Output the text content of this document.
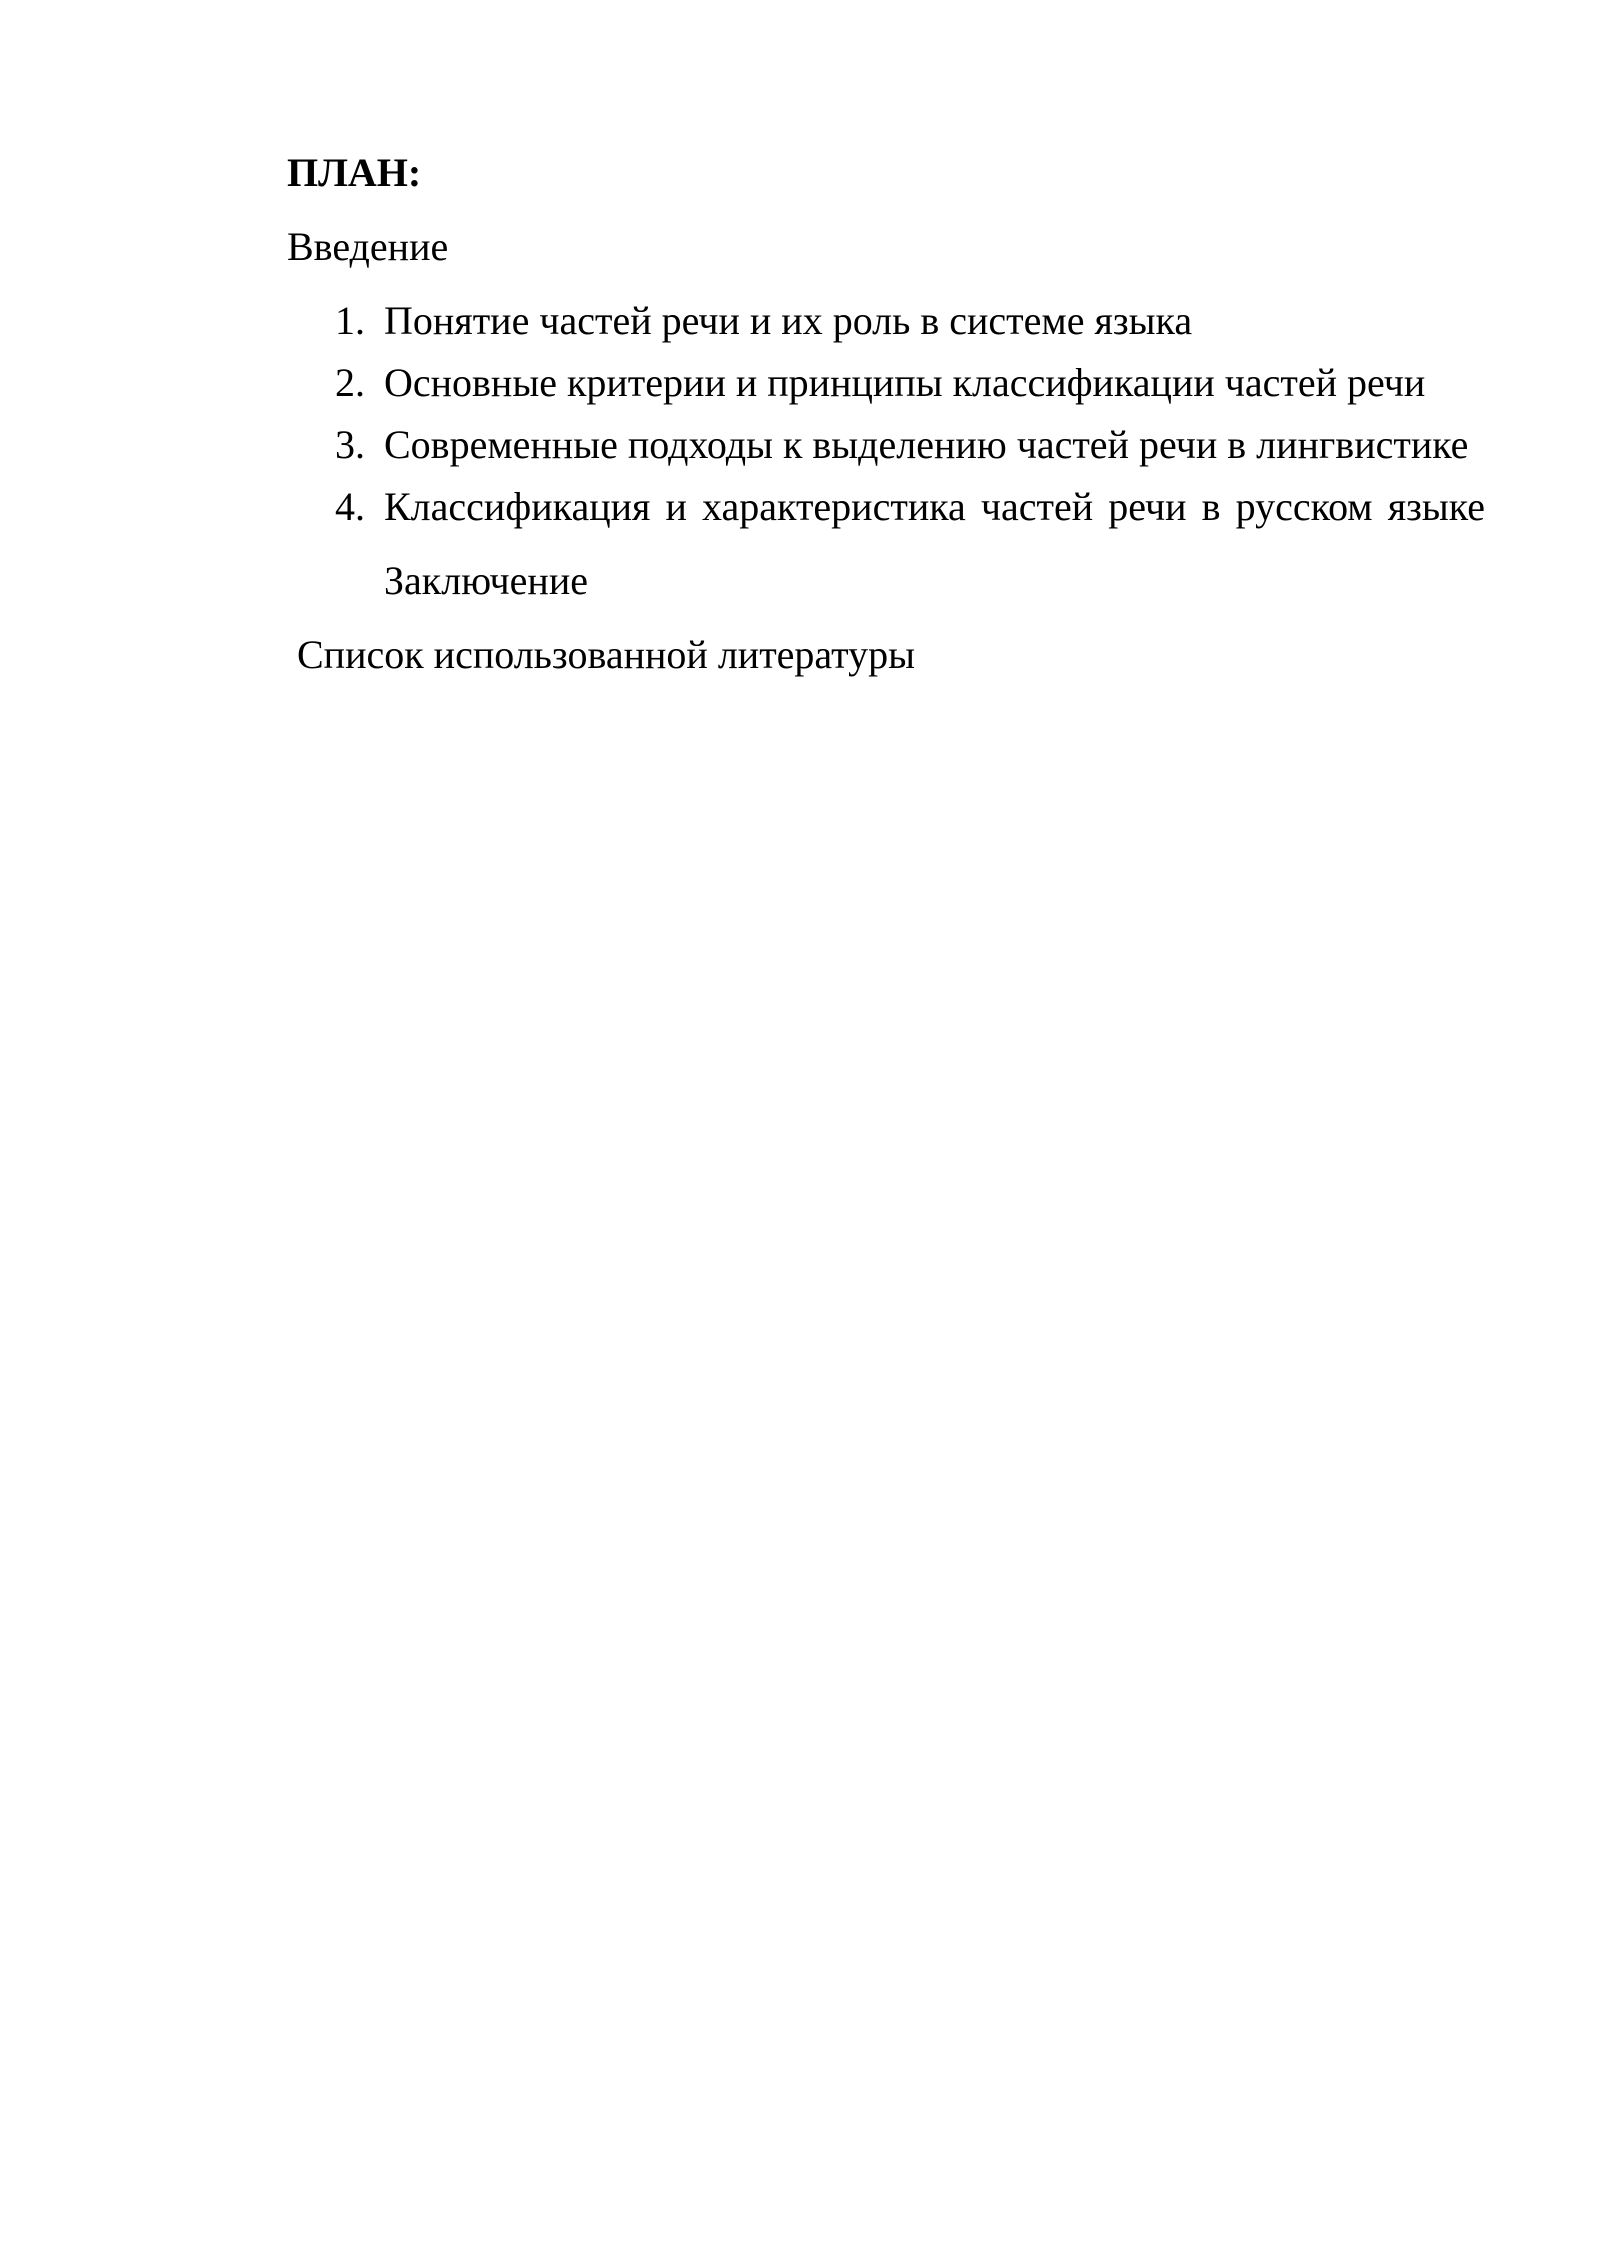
ПЛАН:
Введение
1. Понятие частей речи и их роль в системе языка
2. Основные критерии и принципы классификации частей речи
3. Современные подходы к выделению частей речи в лингвистике
4. Классификация и характеристика частей речи в русском языке Заключение
Список использованной литературы
